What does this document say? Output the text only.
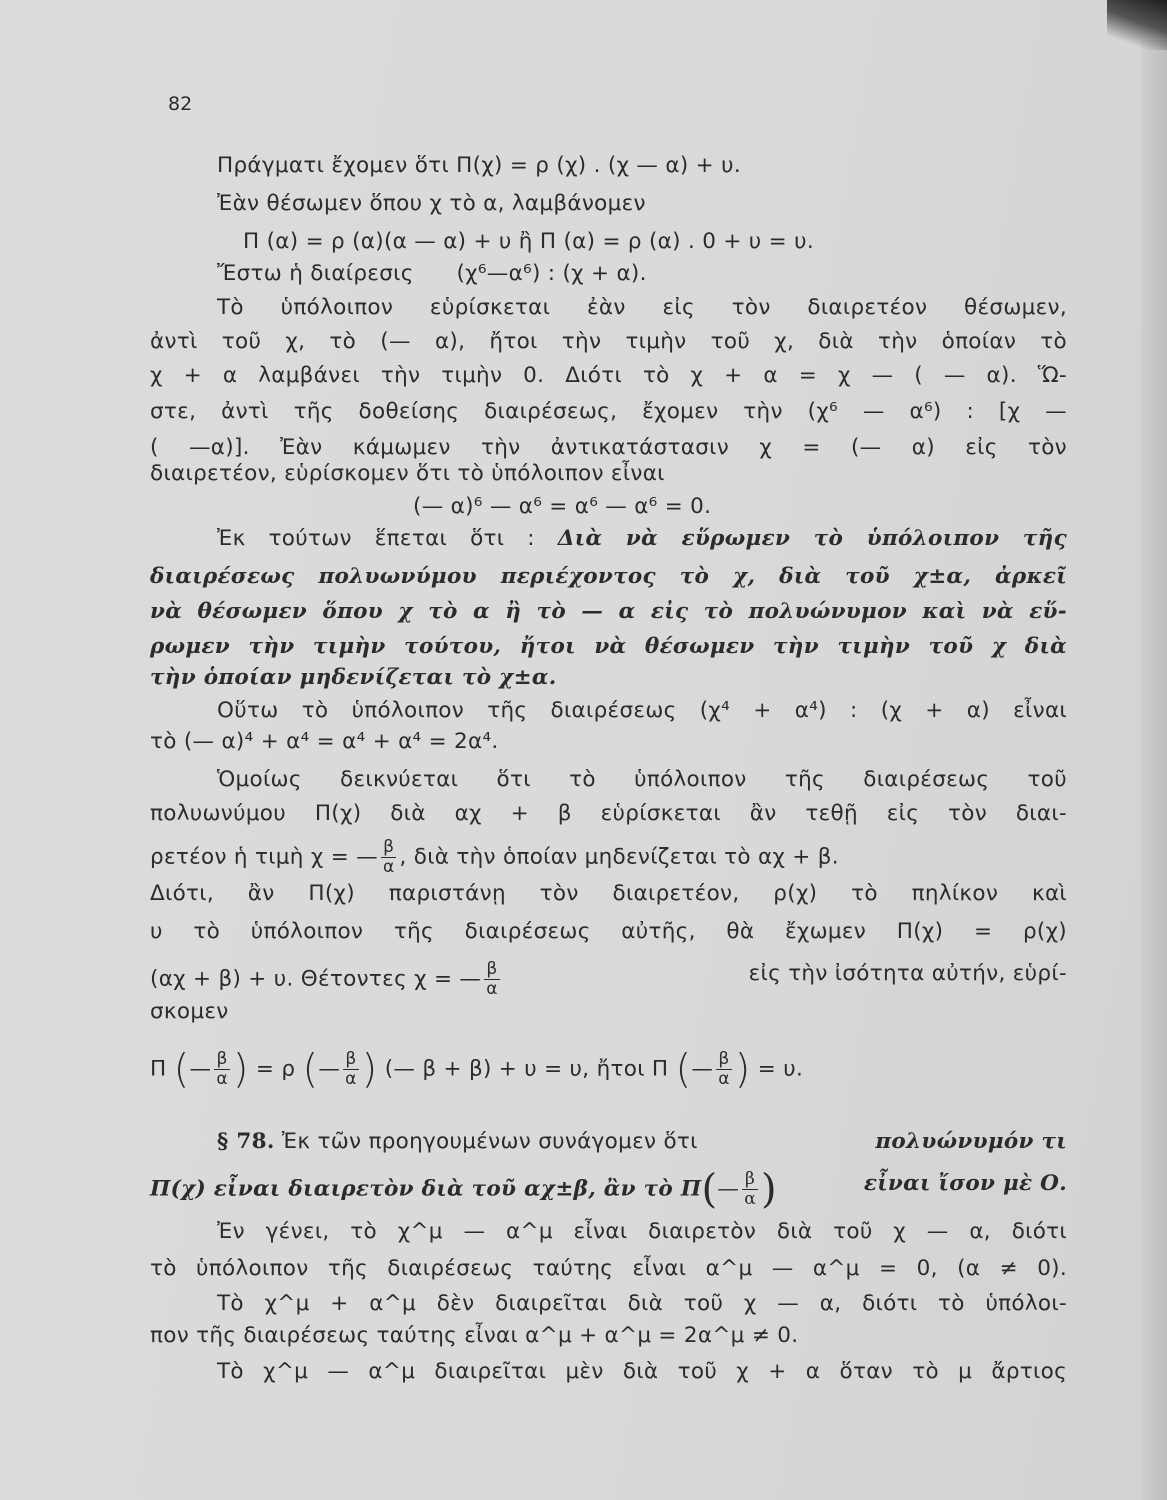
82
Πράγματι ἔχομεν ὅτι Π(χ) = ρ (χ) . (χ — α) + υ.
Ἐὰν θέσωμεν ὅπου χ τὸ α, λαμβάνομεν
Π (α) = ρ (α)(α — α) + υ ἢ Π (α) = ρ (α) . 0 + υ = υ.
Ἔστω ἡ διαίρεσις      (χ⁶—α⁶) : (χ + α).
Τὸ ὑπόλοιπον εὑρίσκεται ἐὰν εἰς τὸν διαιρετέον θέσωμεν,
ἀντὶ τοῦ χ, τὸ (— α), ἤτοι τὴν τιμὴν τοῦ χ, διὰ τὴν ὁποίαν τὸ
χ + α λαμβάνει τὴν τιμὴν 0. Διότι τὸ χ + α = χ — ( — α). Ὥ-
στε, ἀντὶ τῆς δοθείσης διαιρέσεως, ἔχομεν τὴν (χ⁶ — α⁶) : [χ —
( —α)]. Ἐὰν κάμωμεν τὴν ἀντικατάστασιν χ = (— α) εἰς τὸν
διαιρετέον, εὑρίσκομεν ὅτι τὸ ὑπόλοιπον εἶναι
(— α)⁶ — α⁶ = α⁶ — α⁶ = 0.
Ἐκ τούτων ἕπεται ὅτι : Διὰ νὰ εὕρωμεν τὸ ὑπόλοιπον τῆς
διαιρέσεως πολυωνύμου περιέχοντος τὸ χ, διὰ τοῦ χ±α, ἀρκεῖ
νὰ θέσωμεν ὅπου χ τὸ α ἢ τὸ — α εἰς τὸ πολυώνυμον καὶ νὰ εὕ-
ρωμεν τὴν τιμὴν τούτου, ἤτοι νὰ θέσωμεν τὴν τιμὴν τοῦ χ διὰ
τὴν ὁποίαν μηδενίζεται τὸ χ±α.
Οὕτω τὸ ὑπόλοιπον τῆς διαιρέσεως (χ⁴ + α⁴) : (χ + α) εἶναι
τὸ (— α)⁴ + α⁴ = α⁴ + α⁴ = 2α⁴.
Ὁμοίως δεικνύεται ὅτι τὸ ὑπόλοιπον τῆς διαιρέσεως τοῦ
πολυωνύμου Π(χ) διὰ αχ + β εὑρίσκεται ἂν τεθῇ εἰς τὸν διαι-
ρετέον ἡ τιμὴ χ = — $\frac{\beta}{\alpha}$ , διὰ τὴν ὁποίαν μηδενίζεται τὸ αχ + β.
Διότι, ἂν Π(χ) παριστάνῃ τὸν διαιρετέον, ρ(χ) τὸ πηλίκον καὶ
υ τὸ ὑπόλοιπον τῆς διαιρέσεως αὐτῆς, θὰ ἔχωμεν Π(χ) = ρ(χ)
(αχ + β) + υ. Θέτοντες χ = — $\frac{\beta}{\alpha}$	εἰς τὴν ἰσότητα αὐτήν, εὑρί-
σκομεν
Π (— $\frac{\beta}{\alpha}$ ) = ρ (— $\frac{\beta}{\alpha}$ ) (— β + β) + υ = υ, ἤτοι Π (— $\frac{\beta}{\alpha}$ ) = υ.
§ 78. Ἐκ τῶν προηγουμένων συνάγομεν ὅτι	πολυώνυμόν τι
Π(χ) εἶναι διαιρετὸν διὰ τοῦ αχ±β, ἂν τὸ Π(— $\frac{\beta}{\alpha}$ )	εἶναι ἴσον μὲ Ο.
Ἐν γένει, τὸ χ^μ — α^μ εἶναι διαιρετὸν διὰ τοῦ χ — α, διότι
τὸ ὑπόλοιπον τῆς διαιρέσεως ταύτης εἶναι α^μ — α^μ = 0, (α ≠ 0).
Τὸ χ^μ + α^μ δὲν διαιρεῖται διὰ τοῦ χ — α, διότι τὸ ὑπόλοι-
πον τῆς διαιρέσεως ταύτης εἶναι α^μ + α^μ = 2α^μ ≠ 0.
Τὸ χ^μ — α^μ διαιρεῖται μὲν διὰ τοῦ χ + α ὅταν τὸ μ ἄρτιος
